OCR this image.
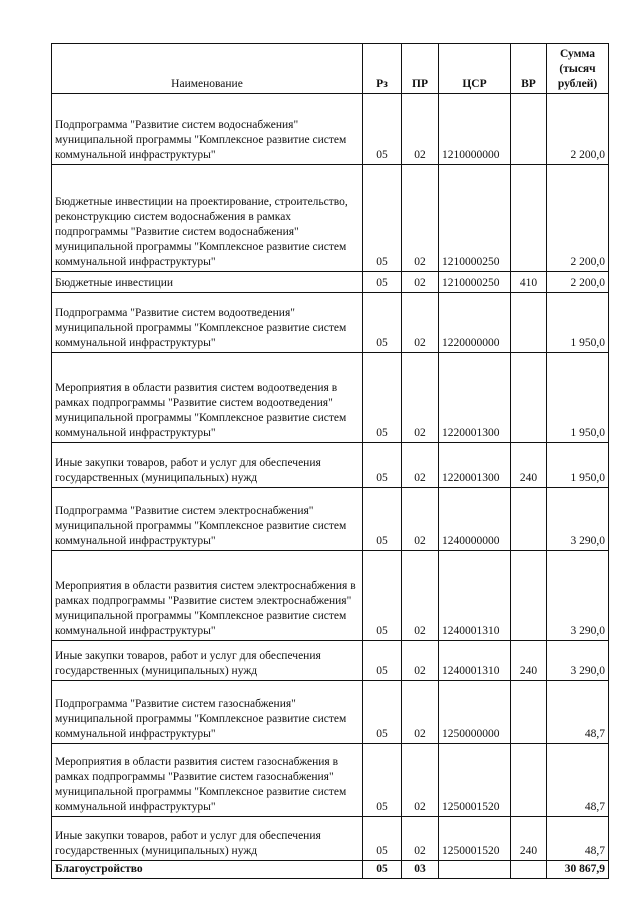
Наименование	Рз	ПР	ЦСР	ВР	Сумма
(тысяч
рублей)

Подпрограмма "Развитие систем водоснабжения" муниципальной программы "Комплексное развитие систем коммунальной инфраструктуры"	05	02	1210000000		2 200,0
Бюджетные инвестиции на проектирование, строительство, реконструкцию систем водоснабжения в рамках подпрограммы "Развитие систем водоснабжения" муниципальной программы "Комплексное развитие систем коммунальной инфраструктуры"	05	02	1210000250		2 200,0
Бюджетные инвестиции	05	02	1210000250	410	2 200,0
Подпрограмма "Развитие систем водоотведения" муниципальной программы "Комплексное развитие систем коммунальной инфраструктуры"	05	02	1220000000		1 950,0
Мероприятия в области развития систем водоотведения в рамках подпрограммы "Развитие систем водоотведения" муниципальной программы "Комплексное развитие систем коммунальной инфраструктуры"	05	02	1220001300		1 950,0
Иные закупки товаров, работ и услуг для обеспечения государственных (муниципальных) нужд	05	02	1220001300	240	1 950,0
Подпрограмма "Развитие систем электроснабжения" муниципальной программы "Комплексное развитие систем коммунальной инфраструктуры"	05	02	1240000000		3 290,0
Мероприятия в области развития систем электроснабжения в рамках подпрограммы "Развитие систем электроснабжения" муниципальной программы "Комплексное развитие систем коммунальной инфраструктуры"	05	02	1240001310		3 290,0
Иные закупки товаров, работ и услуг для обеспечения государственных (муниципальных) нужд	05	02	1240001310	240	3 290,0
Подпрограмма "Развитие систем газоснабжения" муниципальной программы "Комплексное развитие систем коммунальной инфраструктуры"	05	02	1250000000		48,7
Мероприятия в области развития систем газоснабжения в рамках подпрограммы "Развитие систем газоснабжения" муниципальной программы "Комплексное развитие систем коммунальной инфраструктуры"	05	02	1250001520		48,7
Иные закупки товаров, работ и услуг для обеспечения государственных (муниципальных) нужд	05	02	1250001520	240	48,7
Благоустройство	05	03			30 867,9
